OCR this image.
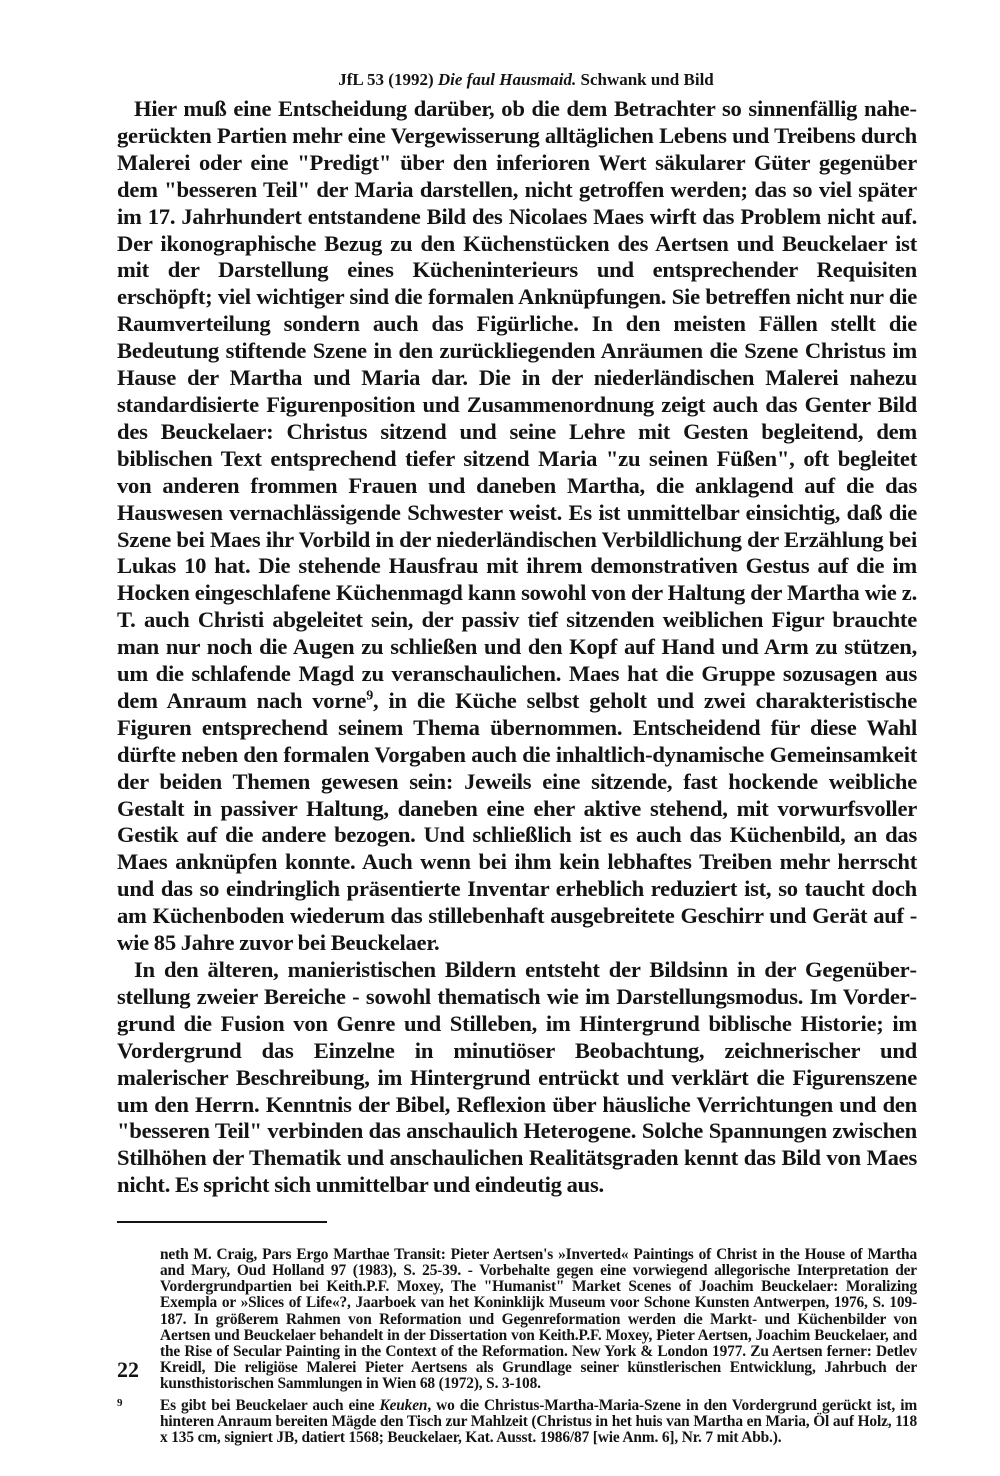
JfL 53 (1992) Die faul Hausmaid. Schwank und Bild

Hier muß eine Entscheidung darüber, ob die dem Betrachter so sinnenfällig nahegerückten Partien mehr eine Vergewisserung alltäglichen Lebens und Treibens durch Malerei oder eine "Predigt" über den inferioren Wert säkularer Güter gegenüber dem "besseren Teil" der Maria darstellen, nicht getroffen werden; das so viel später im 17. Jahrhundert entstandene Bild des Nicolaes Maes wirft das Problem nicht auf. Der ikonographische Bezug zu den Küchenstücken des Aertsen und Beuckelaer ist mit der Darstellung eines Kücheninterieurs und entsprechender Requisiten erschöpft; viel wichtiger sind die formalen Anknüpfungen. Sie betreffen nicht nur die Raumverteilung sondern auch das Figürliche. In den meisten Fällen stellt die Bedeutung stiftende Szene in den zurückliegenden Anräumen die Szene Christus im Hause der Martha und Maria dar. Die in der niederländischen Malerei nahezu standardisierte Figurenposition und Zusammenordnung zeigt auch das Genter Bild des Beuckelaer: Christus sitzend und seine Lehre mit Gesten begleitend, dem biblischen Text entsprechend tiefer sitzend Maria "zu seinen Füßen", oft begleitet von anderen frommen Frauen und daneben Martha, die anklagend auf die das Hauswesen vernachlässigende Schwester weist. Es ist unmittelbar einsichtig, daß die Szene bei Maes ihr Vorbild in der niederländischen Verbildlichung der Erzählung bei Lukas 10 hat. Die stehende Hausfrau mit ihrem demonstrativen Gestus auf die im Hocken eingeschlafene Küchenmagd kann sowohl von der Haltung der Martha wie z. T. auch Christi abgeleitet sein, der passiv tief sitzenden weiblichen Figur brauchte man nur noch die Augen zu schließen und den Kopf auf Hand und Arm zu stützen, um die schlafende Magd zu veranschaulichen. Maes hat die Gruppe sozusagen aus dem Anraum nach vorne$^9$, in die Küche selbst geholt und zwei charakteristische Figuren entsprechend seinem Thema übernommen. Entscheidend für diese Wahl dürfte neben den formalen Vorgaben auch die inhaltlich-dynamische Gemeinsamkeit der beiden Themen gewesen sein: Jeweils eine sitzende, fast hockende weibliche Gestalt in passiver Haltung, daneben eine eher aktive stehend, mit vorwurfsvoller Gestik auf die andere bezogen. Und schließlich ist es auch das Küchenbild, an das Maes anknüpfen konnte. Auch wenn bei ihm kein lebhaftes Treiben mehr herrscht und das so eindringlich präsentierte Inventar erheblich reduziert ist, so taucht doch am Küchenboden wiederum das stillebenhaft ausgebreitete Geschirr und Gerät auf - wie 85 Jahre zuvor bei Beuckelaer.

In den älteren, manieristischen Bildern entsteht der Bildsinn in der Gegenüberstellung zweier Bereiche - sowohl thematisch wie im Darstellungsmodus. Im Vordergrund die Fusion von Genre und Stilleben, im Hintergrund biblische Historie; im Vordergrund das Einzelne in minutiöser Beobachtung, zeichnerischer und malerischer Beschreibung, im Hintergrund entrückt und verklärt die Figurenszene um den Herrn. Kenntnis der Bibel, Reflexion über häusliche Verrichtungen und den "besseren Teil" verbinden das anschaulich Heterogene. Solche Spannungen zwischen Stilhöhen der Thematik und anschaulichen Realitätsgraden kennt das Bild von Maes nicht. Es spricht sich unmittelbar und eindeutig aus.

neth M. Craig, Pars Ergo Marthae Transit: Pieter Aertsen's »Inverted« Paintings of Christ in the House of Martha and Mary, Oud Holland 97 (1983), S. 25-39. - Vorbehalte gegen eine vorwiegend allegorische Interpretation der Vordergrundpartien bei Keith.P.F. Moxey, The "Humanist" Market Scenes of Joachim Beuckelaer: Moralizing Exempla or »Slices of Life«?, Jaarboek van het Koninklijk Museum voor Schone Kunsten Antwerpen, 1976, S. 109-187. In größerem Rahmen von Reformation und Gegenreformation werden die Markt- und Küchenbilder von Aertsen und Beuckelaer behandelt in der Dissertation von Keith.P.F. Moxey, Pieter Aertsen, Joachim Beuckelaer, and the Rise of Secular Painting in the Context of the Reformation. New York & London 1977. Zu Aertsen ferner: Detlev Kreidl, Die religiöse Malerei Pieter Aertsens als Grundlage seiner künstlerischen Entwicklung, Jahrbuch der kunsthistorischen Sammlungen in Wien 68 (1972), S. 3-108.
9 Es gibt bei Beuckelaer auch eine Keuken, wo die Christus-Martha-Maria-Szene in den Vordergrund gerückt ist, im hinteren Anraum bereiten Mägde den Tisch zur Mahlzeit (Christus in het huis van Martha en Maria, Öl auf Holz, 118 x 135 cm, signiert JB, datiert 1568; Beuckelaer, Kat. Ausst. 1986/87 [wie Anm. 6], Nr. 7 mit Abb.).
22
